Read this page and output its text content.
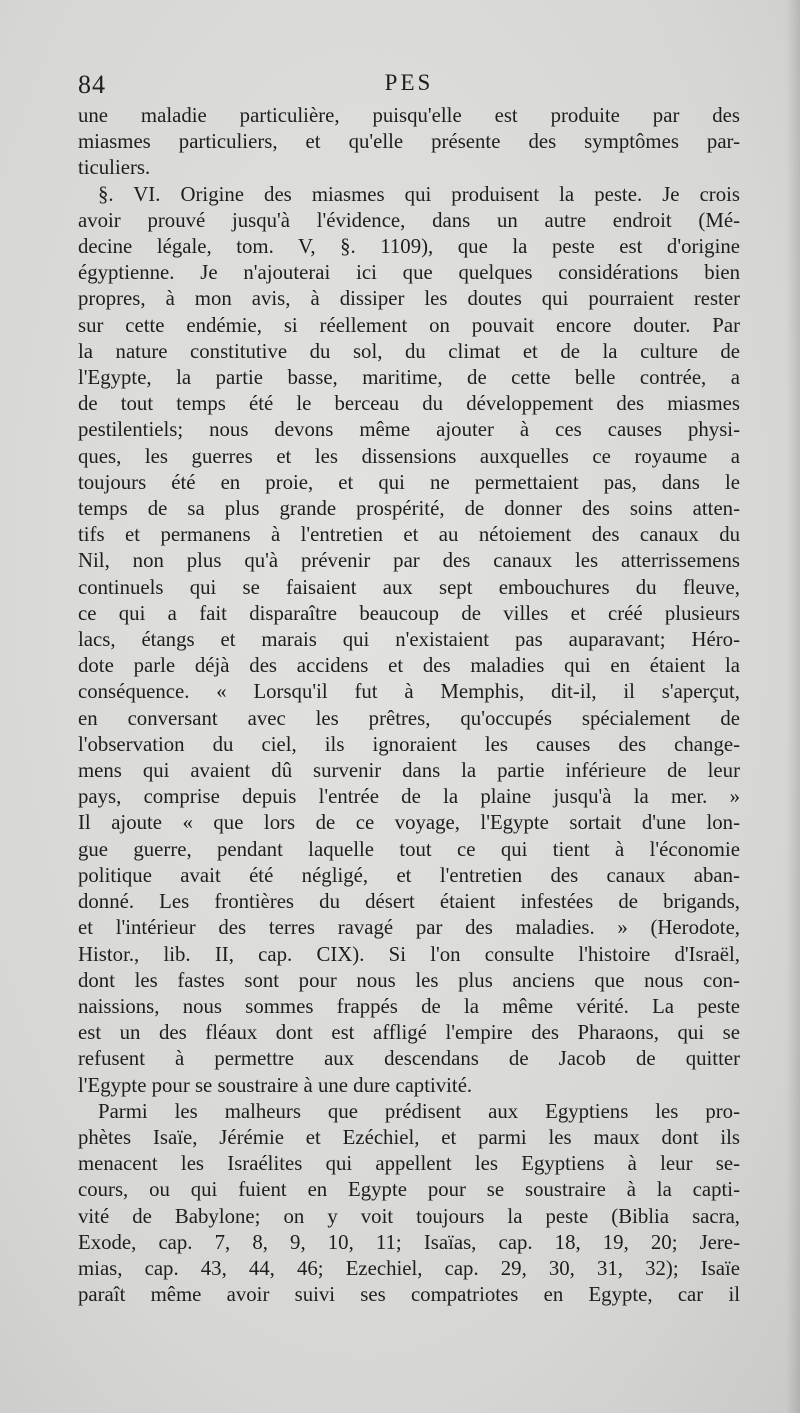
84	PES
une maladie particulière, puisqu'elle est produite par des
miasmes particuliers, et qu'elle présente des symptômes par-
ticuliers.
§. VI. Origine des miasmes qui produisent la peste. Je crois
avoir prouvé jusqu'à l'évidence, dans un autre endroit (Mé-
decine légale, tom. V, §. 1109), que la peste est d'origine
égyptienne. Je n'ajouterai ici que quelques considérations bien
propres, à mon avis, à dissiper les doutes qui pourraient rester
sur cette endémie, si réellement on pouvait encore douter. Par
la nature constitutive du sol, du climat et de la culture de
l'Egypte, la partie basse, maritime, de cette belle contrée, a
de tout temps été le berceau du développement des miasmes
pestilentiels; nous devons même ajouter à ces causes physi-
ques, les guerres et les dissensions auxquelles ce royaume a
toujours été en proie, et qui ne permettaient pas, dans le
temps de sa plus grande prospérité, de donner des soins atten-
tifs et permanens à l'entretien et au nétoiement des canaux du
Nil, non plus qu'à prévenir par des canaux les atterrissemens
continuels qui se faisaient aux sept embouchures du fleuve,
ce qui a fait disparaître beaucoup de villes et créé plusieurs
lacs, étangs et marais qui n'existaient pas auparavant; Héro-
dote parle déjà des accidens et des maladies qui en étaient la
conséquence. « Lorsqu'il fut à Memphis, dit-il, il s'aperçut,
en conversant avec les prêtres, qu'occupés spécialement de
l'observation du ciel, ils ignoraient les causes des change-
mens qui avaient dû survenir dans la partie inférieure de leur
pays, comprise depuis l'entrée de la plaine jusqu'à la mer. »
Il ajoute « que lors de ce voyage, l'Egypte sortait d'une lon-
gue guerre, pendant laquelle tout ce qui tient à l'économie
politique avait été négligé, et l'entretien des canaux aban-
donné. Les frontières du désert étaient infestées de brigands,
et l'intérieur des terres ravagé par des maladies. » (Herodote,
Histor., lib. II, cap. CIX). Si l'on consulte l'histoire d'Israël,
dont les fastes sont pour nous les plus anciens que nous con-
naissions, nous sommes frappés de la même vérité. La peste
est un des fléaux dont est affligé l'empire des Pharaons, qui se
refusent à permettre aux descendans de Jacob de quitter
l'Egypte pour se soustraire à une dure captivité.
Parmi les malheurs que prédisent aux Egyptiens les pro-
phètes Isaïe, Jérémie et Ezéchiel, et parmi les maux dont ils
menacent les Israélites qui appellent les Egyptiens à leur se-
cours, ou qui fuient en Egypte pour se soustraire à la capti-
vité de Babylone; on y voit toujours la peste (Biblia sacra,
Exode, cap. 7, 8, 9, 10, 11; Isaïas, cap. 18, 19, 20; Jere-
mias, cap. 43, 44, 46; Ezechiel, cap. 29, 30, 31, 32); Isaïe
paraît même avoir suivi ses compatriotes en Egypte, car il
